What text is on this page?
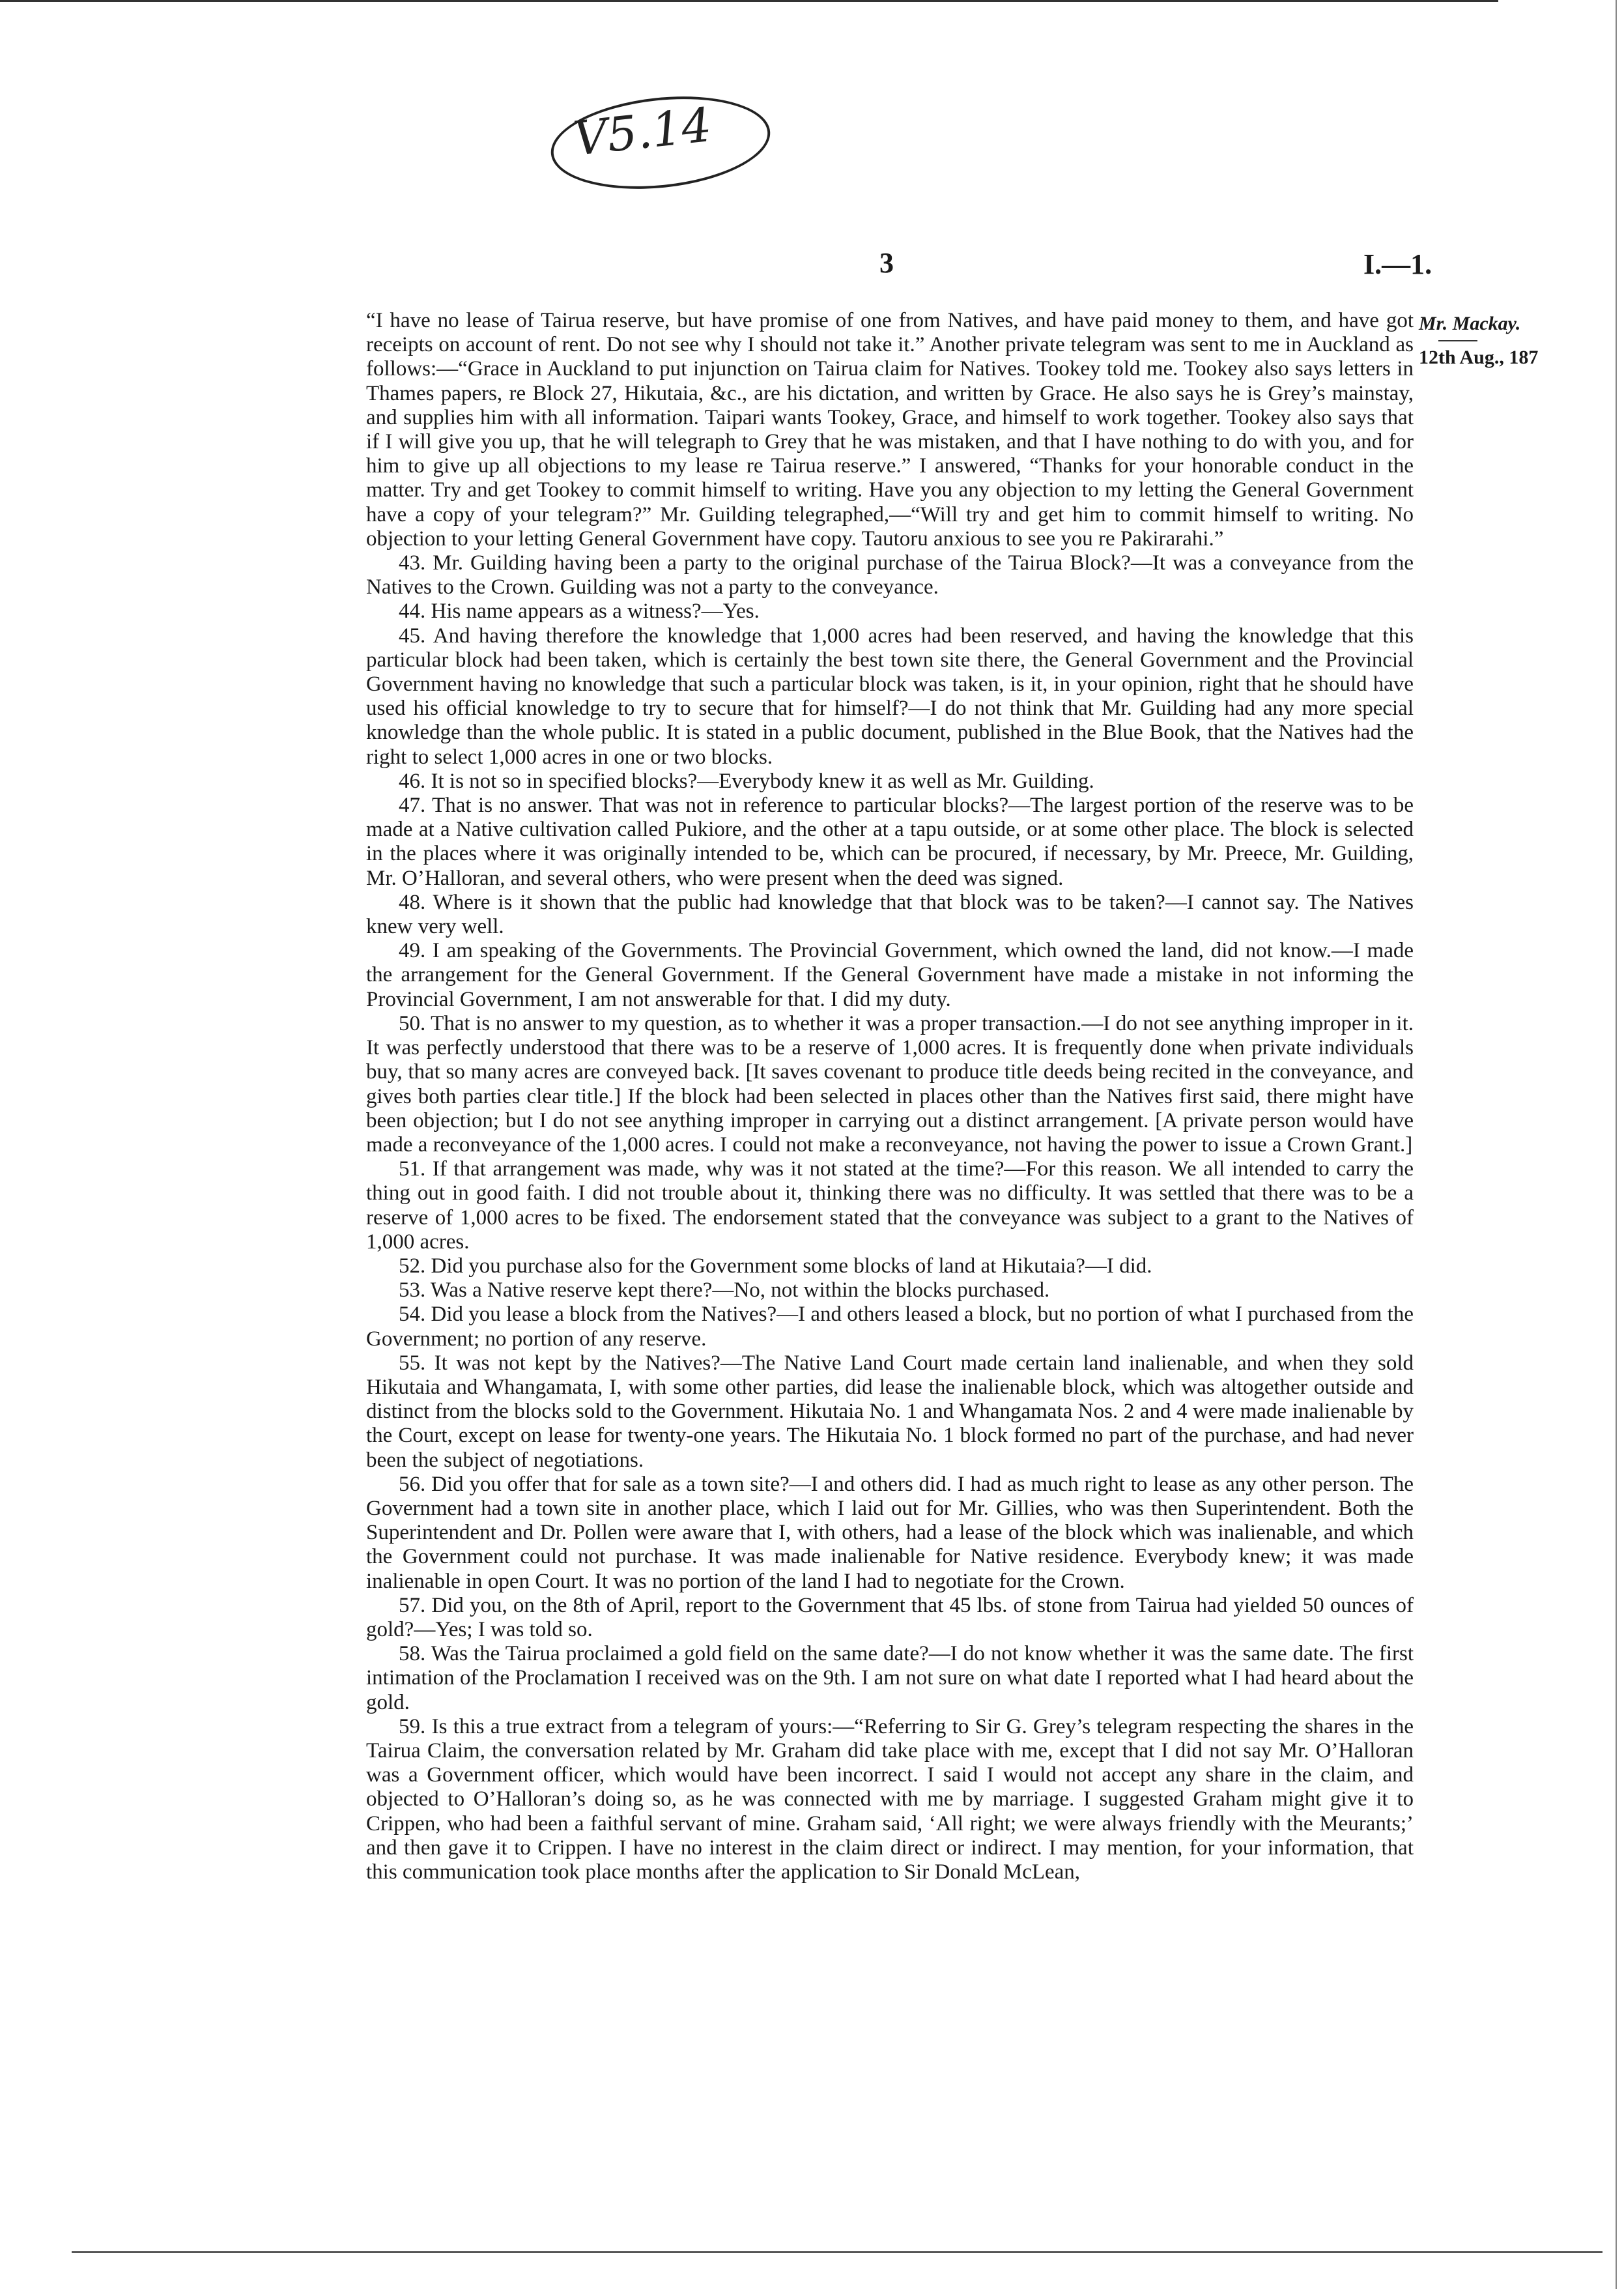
V5.14
3	I.—1.
Mr. Mackay.
12th Aug., 187

“I have no lease of Tairua reserve, but have promise of one from Natives, and have paid money to them, and have got receipts on account of rent. Do not see why I should not take it.” Another private telegram was sent to me in Auckland as follows:—“Grace in Auckland to put injunction on Tairua claim for Natives. Tookey told me. Tookey also says letters in Thames papers, re Block 27, Hikutaia, &c., are his dictation, and written by Grace. He also says he is Grey’s mainstay, and supplies him with all information. Taipari wants Tookey, Grace, and himself to work together. Tookey also says that if I will give you up, that he will telegraph to Grey that he was mistaken, and that I have nothing to do with you, and for him to give up all objections to my lease re Tairua reserve.” I answered, “Thanks for your honorable conduct in the matter. Try and get Tookey to commit himself to writing. Have you any objection to my letting the General Government have a copy of your telegram?” Mr. Guilding telegraphed,—“Will try and get him to commit himself to writing. No objection to your letting General Government have copy. Tautoru anxious to see you re Pakirarahi.”

43. Mr. Guilding having been a party to the original purchase of the Tairua Block?—It was a conveyance from the Natives to the Crown. Guilding was not a party to the conveyance.

44. His name appears as a witness?—Yes.

45. And having therefore the knowledge that 1,000 acres had been reserved, and having the knowledge that this particular block had been taken, which is certainly the best town site there, the General Government and the Provincial Government having no knowledge that such a particular block was taken, is it, in your opinion, right that he should have used his official knowledge to try to secure that for himself?—I do not think that Mr. Guilding had any more special knowledge than the whole public. It is stated in a public document, published in the Blue Book, that the Natives had the right to select 1,000 acres in one or two blocks.

46. It is not so in specified blocks?—Everybody knew it as well as Mr. Guilding.

47. That is no answer. That was not in reference to particular blocks?—The largest portion of the reserve was to be made at a Native cultivation called Pukiore, and the other at a tapu outside, or at some other place. The block is selected in the places where it was originally intended to be, which can be procured, if necessary, by Mr. Preece, Mr. Guilding, Mr. O’Halloran, and several others, who were present when the deed was signed.

48. Where is it shown that the public had knowledge that that block was to be taken?—I cannot say. The Natives knew very well.

49. I am speaking of the Governments. The Provincial Government, which owned the land, did not know.—I made the arrangement for the General Government. If the General Government have made a mistake in not informing the Provincial Government, I am not answerable for that. I did my duty.

50. That is no answer to my question, as to whether it was a proper transaction.—I do not see anything improper in it. It was perfectly understood that there was to be a reserve of 1,000 acres. It is frequently done when private individuals buy, that so many acres are conveyed back. [It saves covenant to produce title deeds being recited in the conveyance, and gives both parties clear title.] If the block had been selected in places other than the Natives first said, there might have been objection; but I do not see anything improper in carrying out a distinct arrangement. [A private person would have made a reconveyance of the 1,000 acres. I could not make a reconveyance, not having the power to issue a Crown Grant.]

51. If that arrangement was made, why was it not stated at the time?—For this reason. We all intended to carry the thing out in good faith. I did not trouble about it, thinking there was no difficulty. It was settled that there was to be a reserve of 1,000 acres to be fixed. The endorsement stated that the conveyance was subject to a grant to the Natives of 1,000 acres.

52. Did you purchase also for the Government some blocks of land at Hikutaia?—I did.

53. Was a Native reserve kept there?—No, not within the blocks purchased.

54. Did you lease a block from the Natives?—I and others leased a block, but no portion of what I purchased from the Government; no portion of any reserve.

55. It was not kept by the Natives?—The Native Land Court made certain land inalienable, and when they sold Hikutaia and Whangamata, I, with some other parties, did lease the inalienable block, which was altogether outside and distinct from the blocks sold to the Government. Hikutaia No. 1 and Whangamata Nos. 2 and 4 were made inalienable by the Court, except on lease for twenty-one years. The Hikutaia No. 1 block formed no part of the purchase, and had never been the subject of negotiations.

56. Did you offer that for sale as a town site?—I and others did. I had as much right to lease as any other person. The Government had a town site in another place, which I laid out for Mr. Gillies, who was then Superintendent. Both the Superintendent and Dr. Pollen were aware that I, with others, had a lease of the block which was inalienable, and which the Government could not purchase. It was made inalienable for Native residence. Everybody knew; it was made inalienable in open Court. It was no portion of the land I had to negotiate for the Crown.

57. Did you, on the 8th of April, report to the Government that 45 lbs. of stone from Tairua had yielded 50 ounces of gold?—Yes; I was told so.

58. Was the Tairua proclaimed a gold field on the same date?—I do not know whether it was the same date. The first intimation of the Proclamation I received was on the 9th. I am not sure on what date I reported what I had heard about the gold.

59. Is this a true extract from a telegram of yours:—“Referring to Sir G. Grey’s telegram respecting the shares in the Tairua Claim, the conversation related by Mr. Graham did take place with me, except that I did not say Mr. O’Halloran was a Government officer, which would have been incorrect. I said I would not accept any share in the claim, and objected to O’Halloran’s doing so, as he was connected with me by marriage. I suggested Graham might give it to Crippen, who had been a faithful servant of mine. Graham said, ‘All right; we were always friendly with the Meurants;’ and then gave it to Crippen. I have no interest in the claim direct or indirect. I may mention, for your information, that this communication took place months after the application to Sir Donald McLean,
